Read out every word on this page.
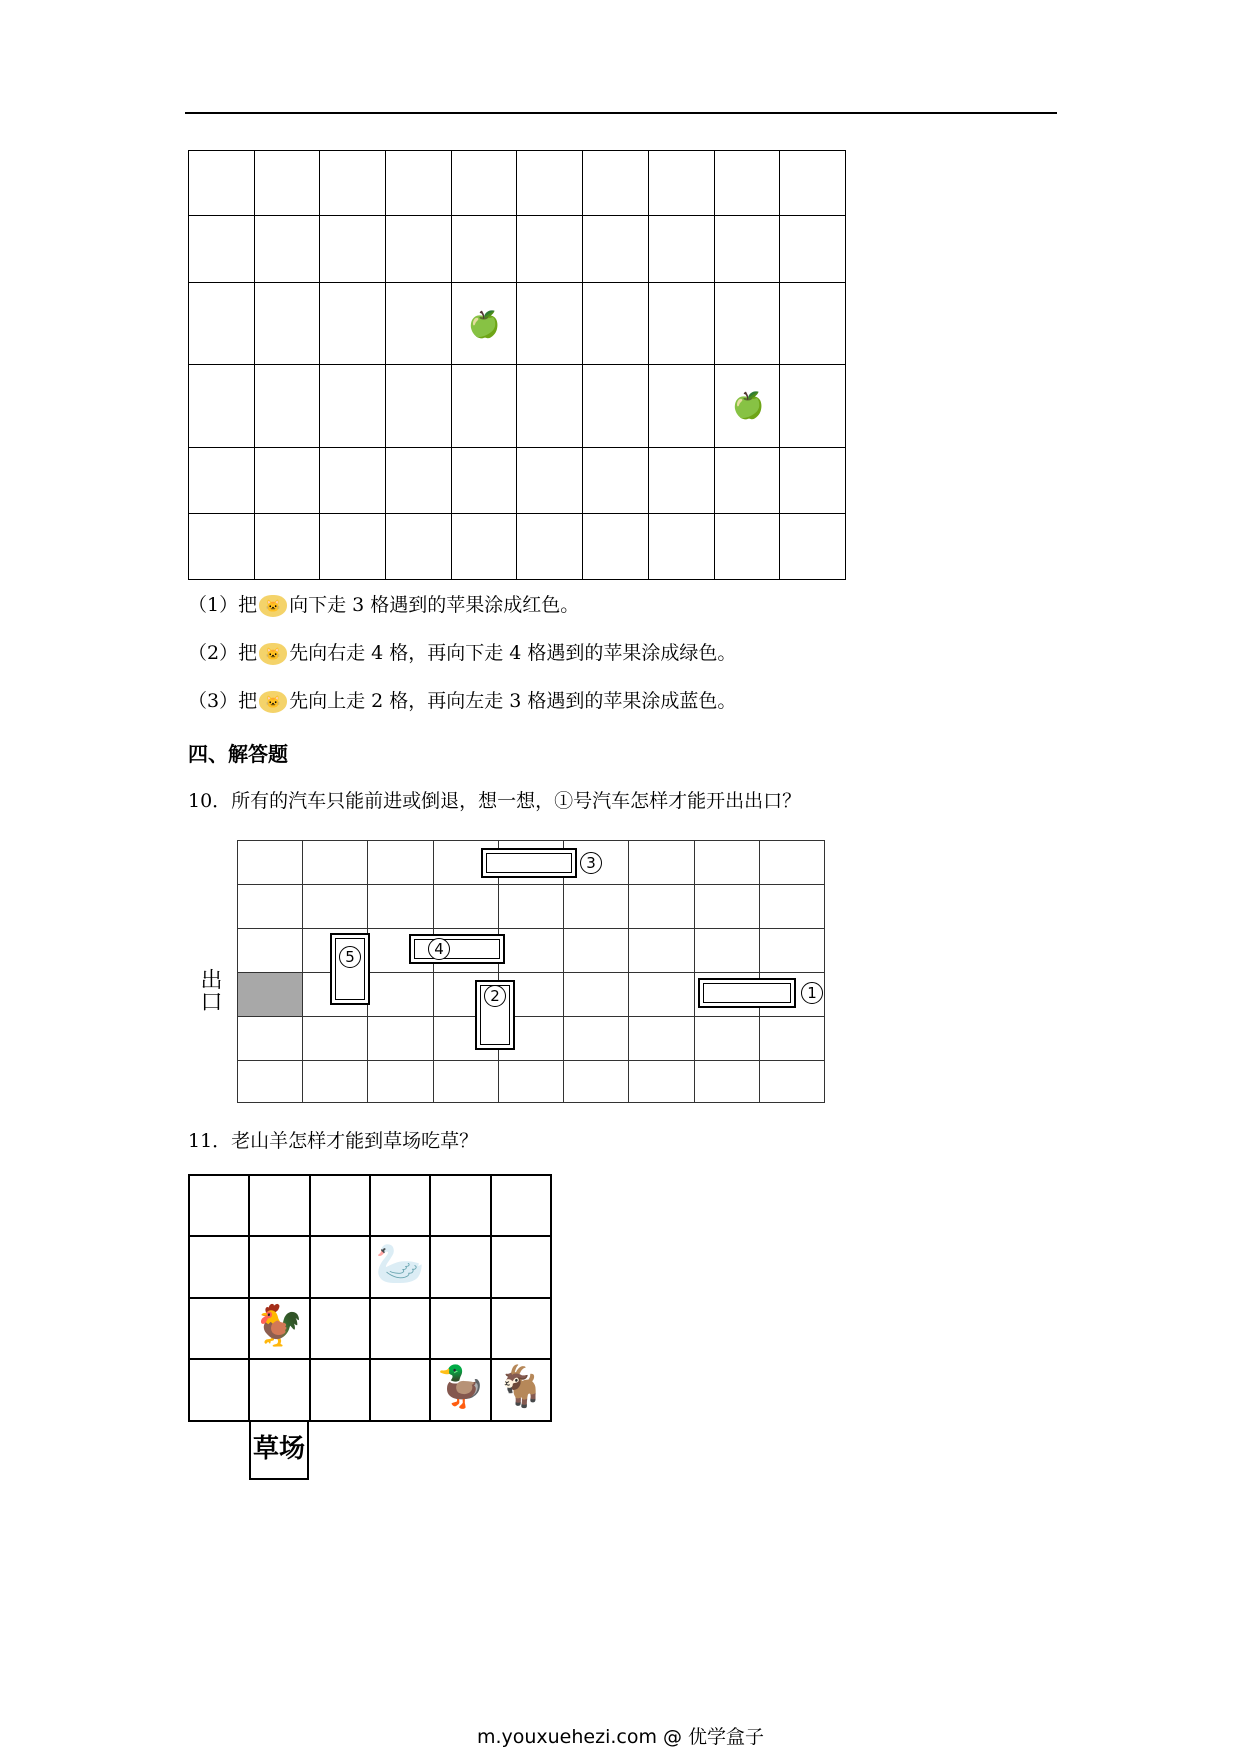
🍏
🍏
（1）把 🐱 向下走 3 格遇到的苹果涂成红色。
（2）把 🐱 先向右走 4 格，再向下走 4 格遇到的苹果涂成绿色。
（3）把 🐱 先向上走 2 格，再向左走 3 格遇到的苹果涂成蓝色。
四、解答题
10．所有的汽车只能前进或倒退，想一想，①号汽车怎样才能开出出口？

出口
3
4
5
2	1
11．老山羊怎样才能到草场吃草？

🦢
🐓
🦆 🐐
草场
m.youxuehezi.com @ 优学盒子
